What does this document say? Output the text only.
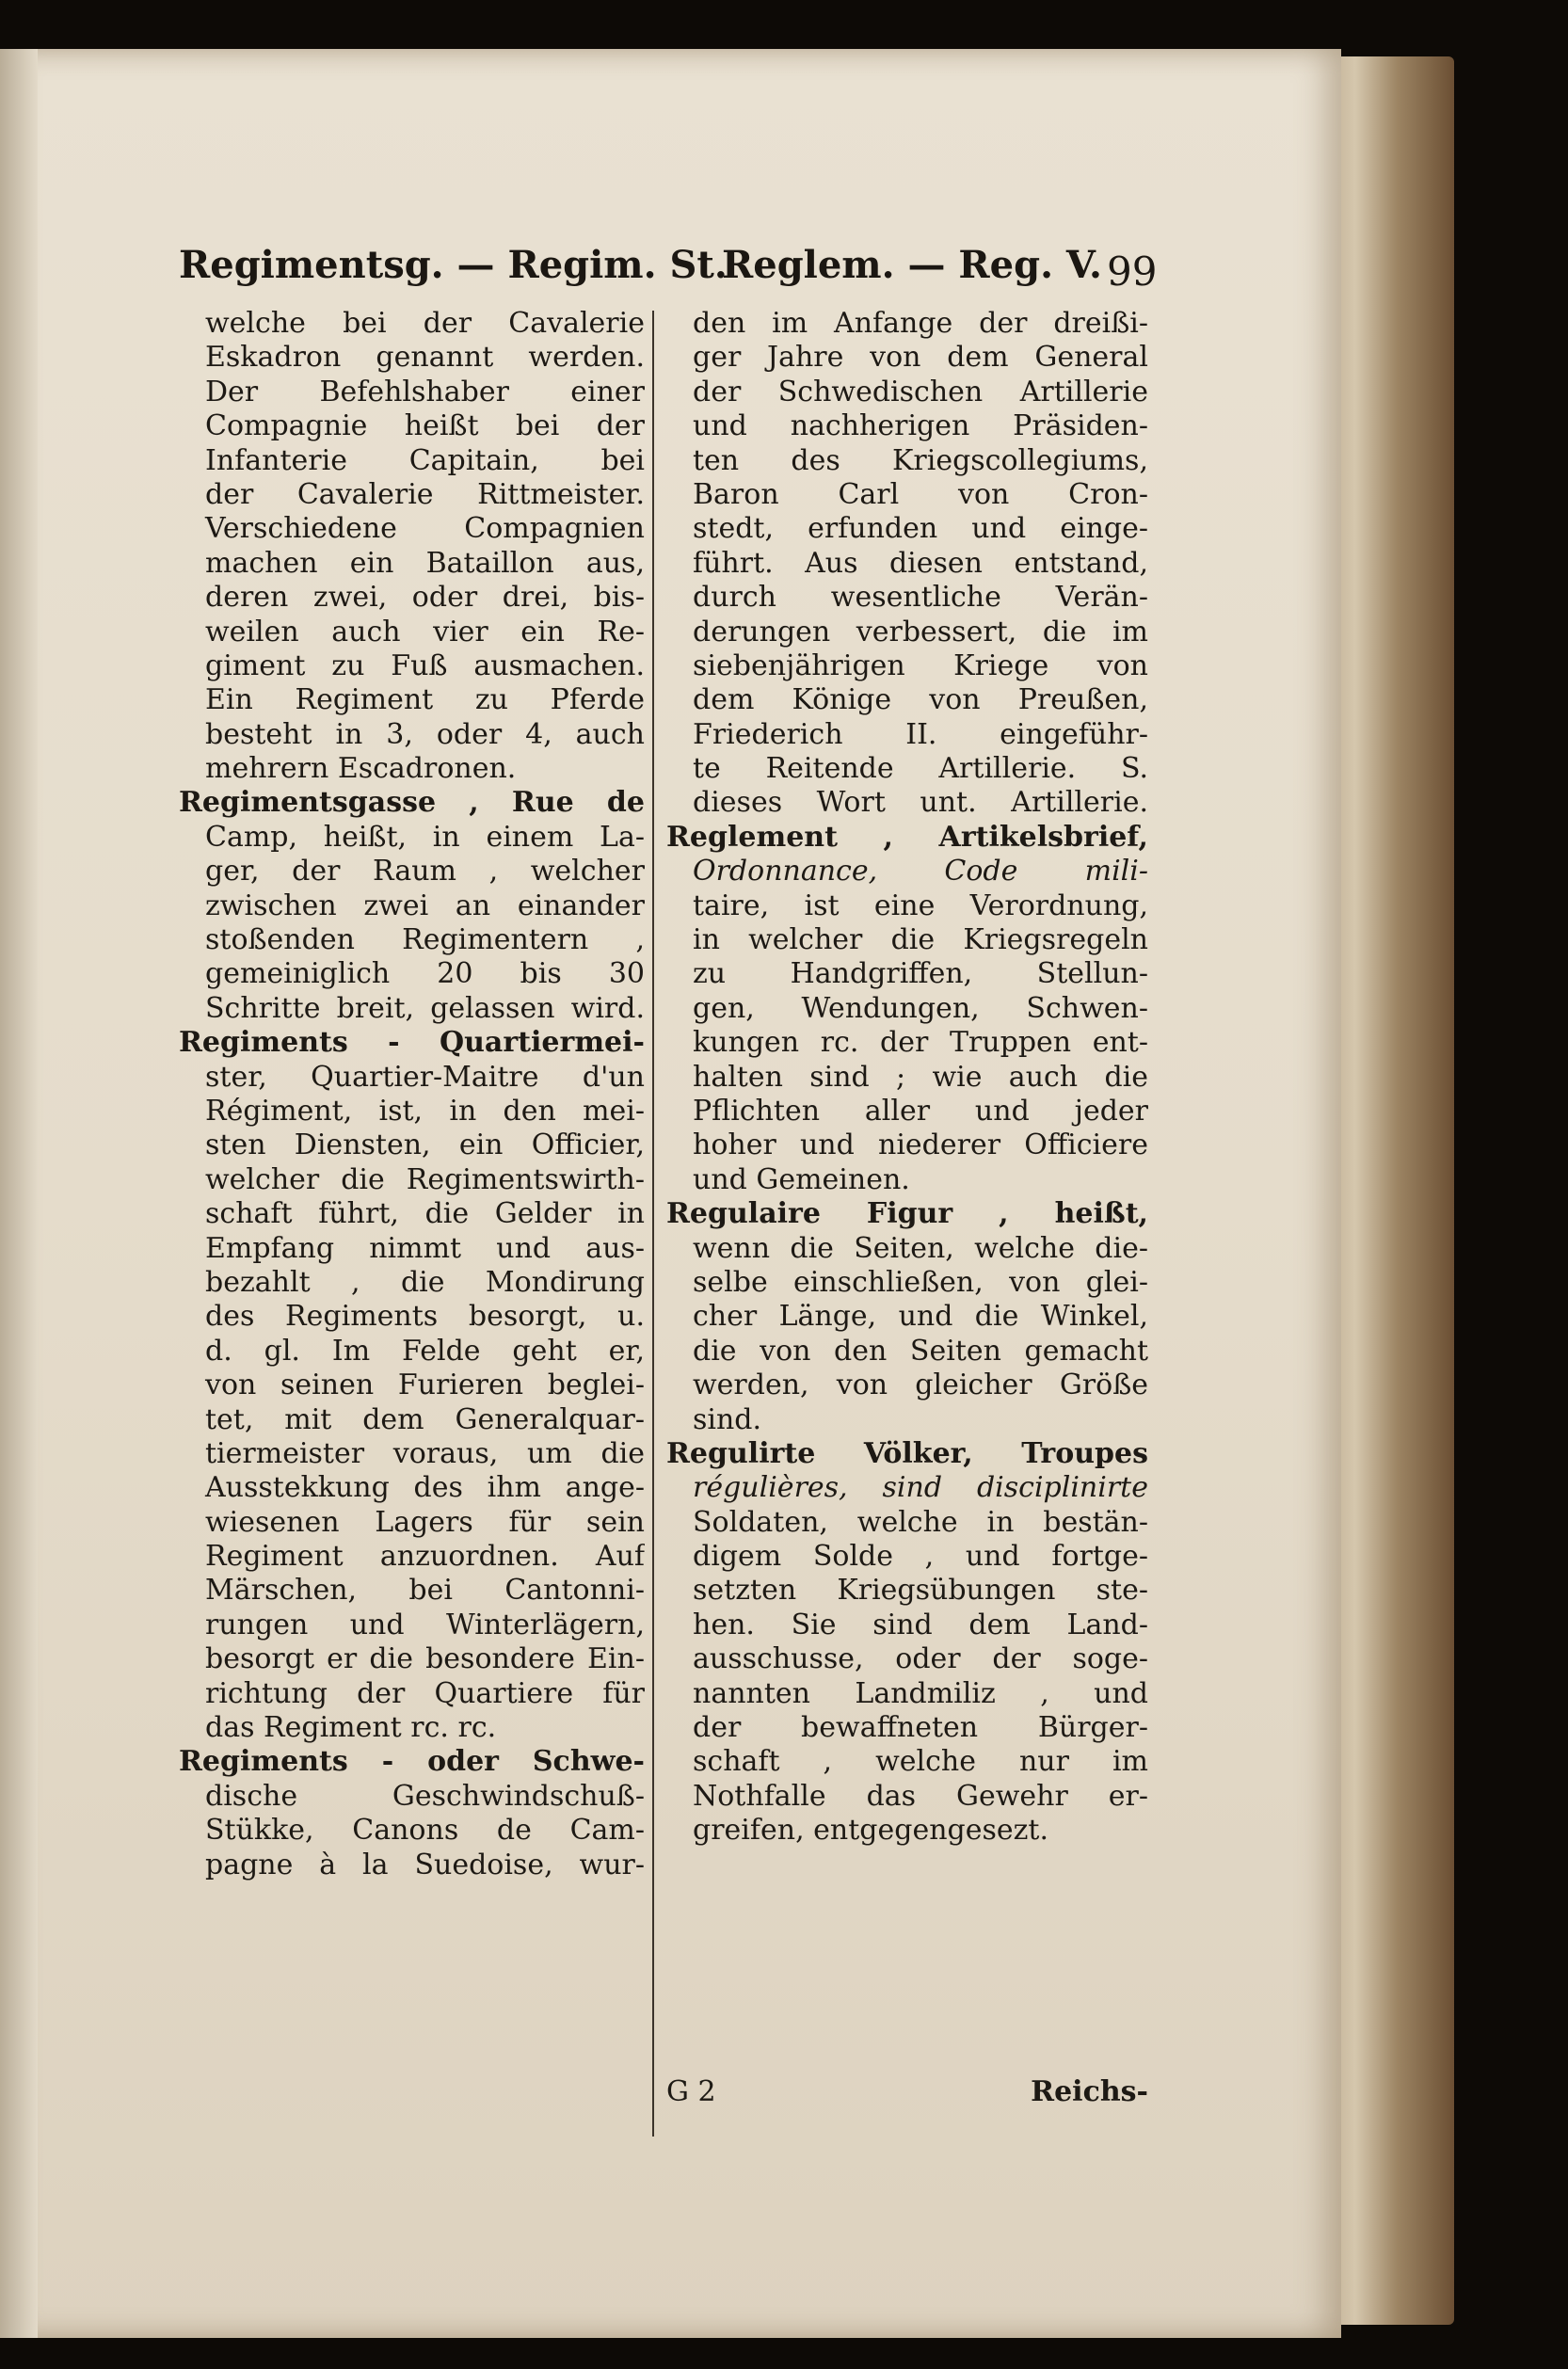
Regimentsg. — Regim. St.
Reglem. — Reg. V. 99
welche bei der Cavalerie
Eskadron genannt werden.
Der Befehlshaber einer
Compagnie heißt bei der
Infanterie Capitain, bei
der Cavalerie Rittmeister.
Verschiedene Compagnien
machen ein Bataillon aus,
deren zwei, oder drei, bis-
weilen auch vier ein Re-
giment zu Fuß ausmachen.
Ein Regiment zu Pferde
besteht in 3, oder 4, auch
mehrern Escadronen.
Regimentsgasse , Rue de
Camp, heißt, in einem La-
ger, der Raum , welcher
zwischen zwei an einander
stoßenden Regimentern ,
gemeiniglich 20 bis 30
Schritte breit, gelassen wird.
Regiments - Quartiermei-
ster, Quartier-Maitre d'un
Régiment, ist, in den mei-
sten Diensten, ein Officier,
welcher die Regimentswirth-
schaft führt, die Gelder in
Empfang nimmt und aus-
bezahlt , die Mondirung
des Regiments besorgt, u.
d. gl. Im Felde geht er,
von seinen Furieren beglei-
tet, mit dem Generalquar-
tiermeister voraus, um die
Ausstekkung des ihm ange-
wiesenen Lagers für sein
Regiment anzuordnen. Auf
Märschen, bei Cantonni-
rungen und Winterlägern,
besorgt er die besondere Ein-
richtung der Quartiere für
das Regiment rc. rc.
Regiments - oder Schwe-
dische Geschwindschuß-
Stükke, Canons de Cam-
pagne à la Suedoise, wur-
den im Anfange der dreißi-
ger Jahre von dem General
der Schwedischen Artillerie
und nachherigen Präsiden-
ten des Kriegscollegiums,
Baron Carl von Cron-
stedt, erfunden und einge-
führt. Aus diesen entstand,
durch wesentliche Verän-
derungen verbessert, die im
siebenjährigen Kriege von
dem Könige von Preußen,
Friederich II. eingeführ-
te Reitende Artillerie. S.
dieses Wort unt. Artillerie.
Reglement , Artikelsbrief,
Ordonnance, Code mili-
taire, ist eine Verordnung,
in welcher die Kriegsregeln
zu Handgriffen, Stellun-
gen, Wendungen, Schwen-
kungen rc. der Truppen ent-
halten sind ; wie auch die
Pflichten aller und jeder
hoher und niederer Officiere
und Gemeinen.
Regulaire Figur , heißt,
wenn die Seiten, welche die-
selbe einschließen, von glei-
cher Länge, und die Winkel,
die von den Seiten gemacht
werden, von gleicher Größe
sind.
Regulirte Völker, Troupes
régulières, sind disciplinirte
Soldaten, welche in bestän-
digem Solde , und fortge-
setzten Kriegsübungen ste-
hen. Sie sind dem Land-
ausschusse, oder der soge-
nannten Landmiliz , und
der bewaffneten Bürger-
schaft , welche nur im
Nothfalle das Gewehr er-
greifen, entgegengesezt.
G 2	Reichs-
